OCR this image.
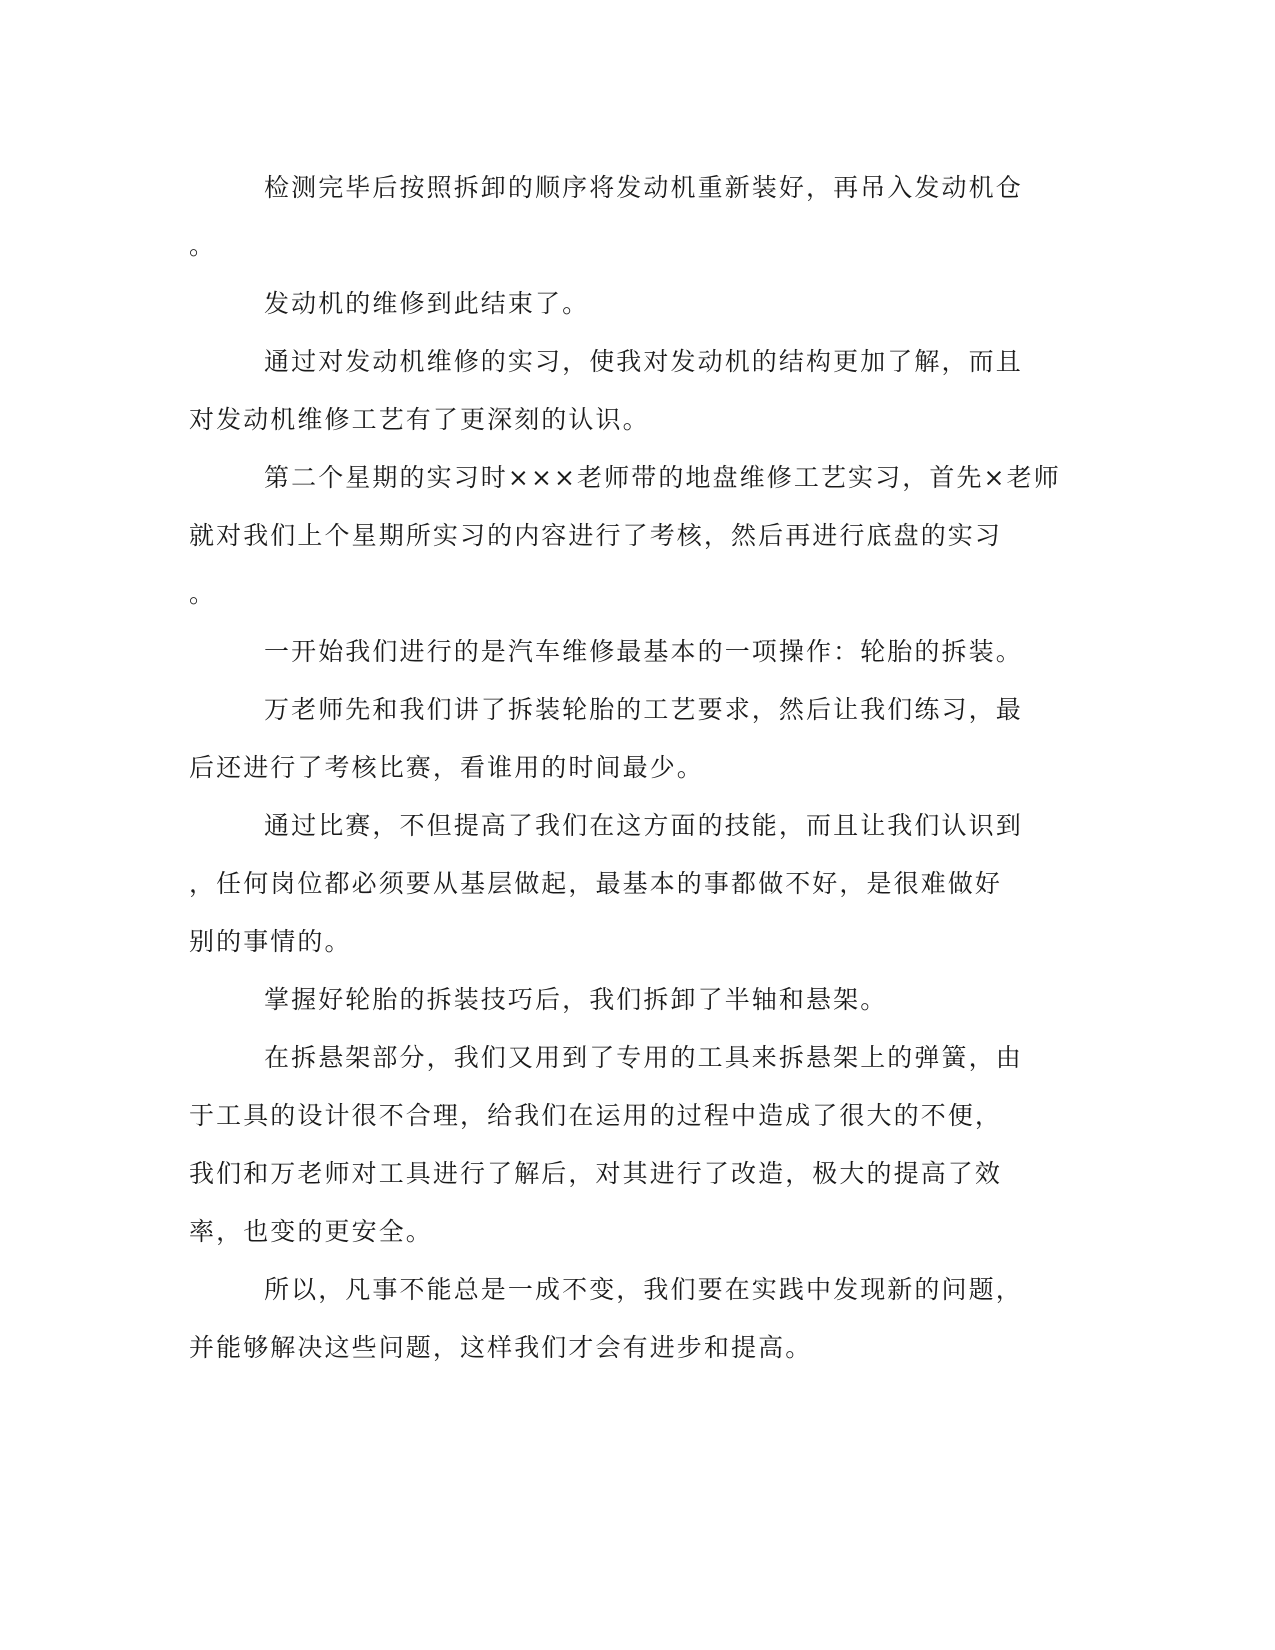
检测完毕后按照拆卸的顺序将发动机重新装好，再吊入发动机仓

。

发动机的维修到此结束了。

通过对发动机维修的实习，使我对发动机的结构更加了解，而且

对发动机维修工艺有了更深刻的认识。

第二个星期的实习时×××老师带的地盘维修工艺实习，首先×老师

就对我们上个星期所实习的内容进行了考核，然后再进行底盘的实习

。

一开始我们进行的是汽车维修最基本的一项操作：轮胎的拆装。

万老师先和我们讲了拆装轮胎的工艺要求，然后让我们练习，最

后还进行了考核比赛，看谁用的时间最少。

通过比赛，不但提高了我们在这方面的技能，而且让我们认识到

，任何岗位都必须要从基层做起，最基本的事都做不好，是很难做好

别的事情的。

掌握好轮胎的拆装技巧后，我们拆卸了半轴和悬架。

在拆悬架部分，我们又用到了专用的工具来拆悬架上的弹簧，由

于工具的设计很不合理，给我们在运用的过程中造成了很大的不便，

我们和万老师对工具进行了解后，对其进行了改造，极大的提高了效

率，也变的更安全。

所以，凡事不能总是一成不变，我们要在实践中发现新的问题，

并能够解决这些问题，这样我们才会有进步和提高。
